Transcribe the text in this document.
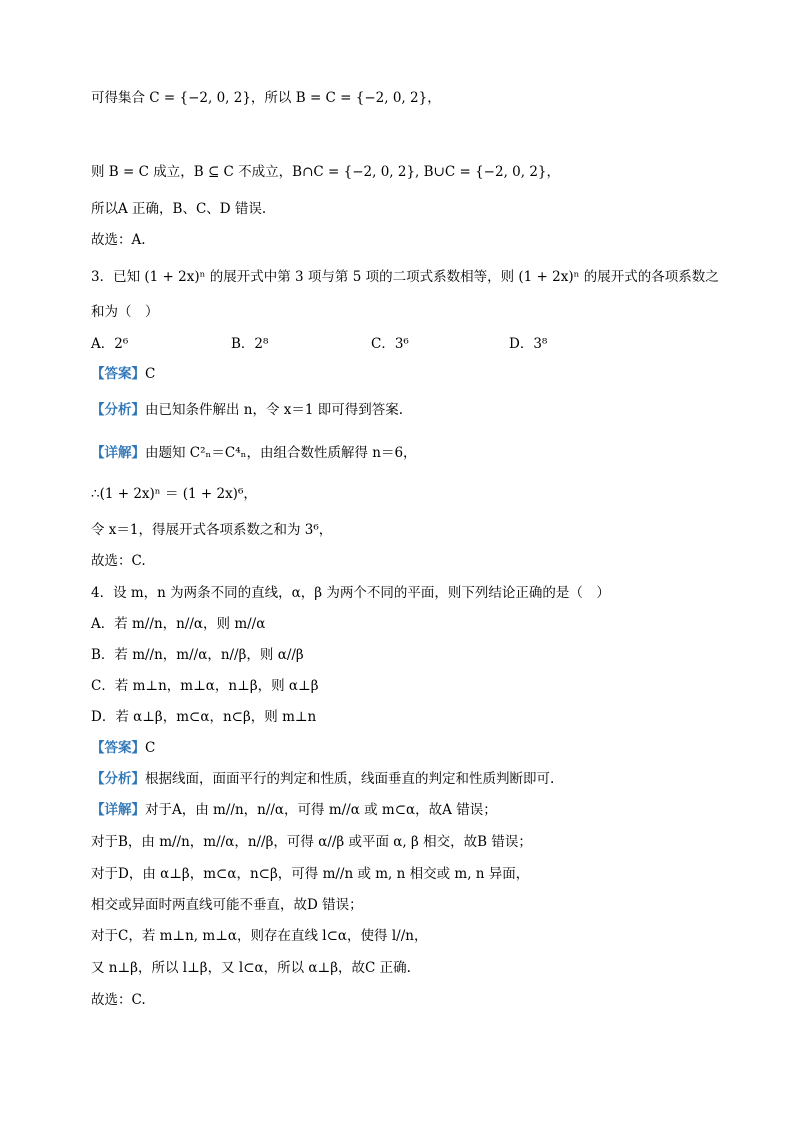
可得集合 C = {−2, 0, 2}，所以 B = C = {−2, 0, 2}，
则 B = C 成立，B ⊆ C 不成立，B∩C = {−2, 0, 2}, B∪C = {−2, 0, 2}，
所以A 正确，B、C、D 错误.
故选：A.
3．已知 (1 + 2x)ⁿ 的展开式中第 3 项与第 5 项的二项式系数相等，则 (1 + 2x)ⁿ 的展开式的各项系数之
和为（　）
A．2⁶	B．2⁸	C．3⁶	D．3⁸
【答案】C
【分析】由已知条件解出 n，令 x＝1 即可得到答案.
【详解】由题知 C²ₙ＝C⁴ₙ，由组合数性质解得 n＝6，
∴(1 + 2x)ⁿ ＝ (1 + 2x)⁶，
令 x＝1，得展开式各项系数之和为 3⁶，
故选：C.
4．设 m，n 为两条不同的直线，α，β 为两个不同的平面，则下列结论正确的是（　）
A．若 m//n，n//α，则 m//α
B．若 m//n，m//α，n//β，则 α//β
C．若 m⊥n，m⊥α，n⊥β，则 α⊥β
D．若 α⊥β，m⊂α，n⊂β，则 m⊥n
【答案】C
【分析】根据线面，面面平行的判定和性质，线面垂直的判定和性质判断即可.
【详解】对于A，由 m//n，n//α，可得 m//α 或 m⊂α，故A 错误；
对于B，由 m//n，m//α，n//β，可得 α//β 或平面 α, β 相交，故B 错误；
对于D，由 α⊥β，m⊂α，n⊂β，可得 m//n 或 m, n 相交或 m, n 异面，
相交或异面时两直线可能不垂直，故D 错误；
对于C，若 m⊥n, m⊥α，则存在直线 l⊂α，使得 l//n，
又 n⊥β，所以 l⊥β，又 l⊂α，所以 α⊥β，故C 正确.
故选：C.
